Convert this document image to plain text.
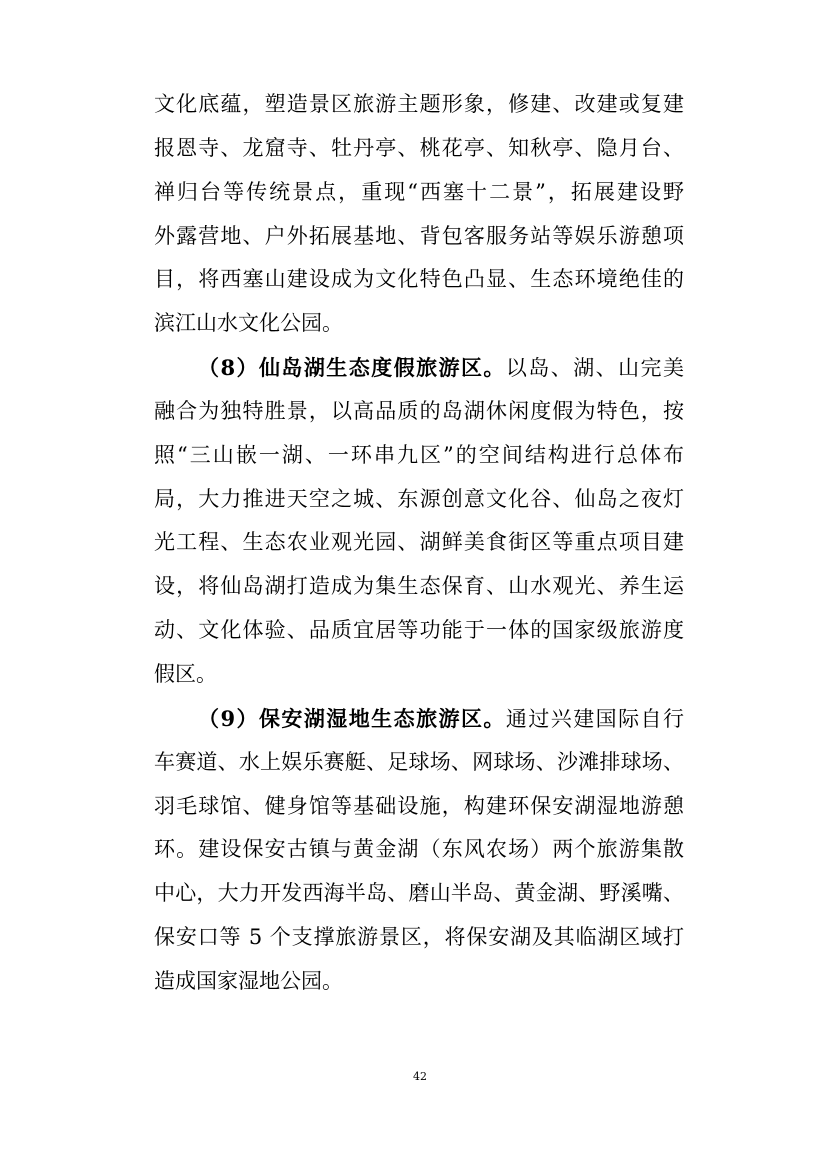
文化底蕴，塑造景区旅游主题形象，修建、改建或复建
报恩寺、龙窟寺、牡丹亭、桃花亭、知秋亭、隐月台、
禅归台等传统景点，重现“西塞十二景”，拓展建设野
外露营地、户外拓展基地、背包客服务站等娱乐游憩项
目，将西塞山建设成为文化特色凸显、生态环境绝佳的
滨江山水文化公园。
（8）仙岛湖生态度假旅游区。以岛、湖、山完美
融合为独特胜景，以高品质的岛湖休闲度假为特色，按
照“三山嵌一湖、一环串九区”的空间结构进行总体布
局，大力推进天空之城、东源创意文化谷、仙岛之夜灯
光工程、生态农业观光园、湖鲜美食街区等重点项目建
设，将仙岛湖打造成为集生态保育、山水观光、养生运
动、文化体验、品质宜居等功能于一体的国家级旅游度
假区。
（9）保安湖湿地生态旅游区。通过兴建国际自行
车赛道、水上娱乐赛艇、足球场、网球场、沙滩排球场、
羽毛球馆、健身馆等基础设施，构建环保安湖湿地游憩
环。建设保安古镇与黄金湖（东风农场）两个旅游集散
中心，大力开发西海半岛、磨山半岛、黄金湖、野溪嘴、
保安口等 5 个支撑旅游景区，将保安湖及其临湖区域打
造成国家湿地公园。
42
